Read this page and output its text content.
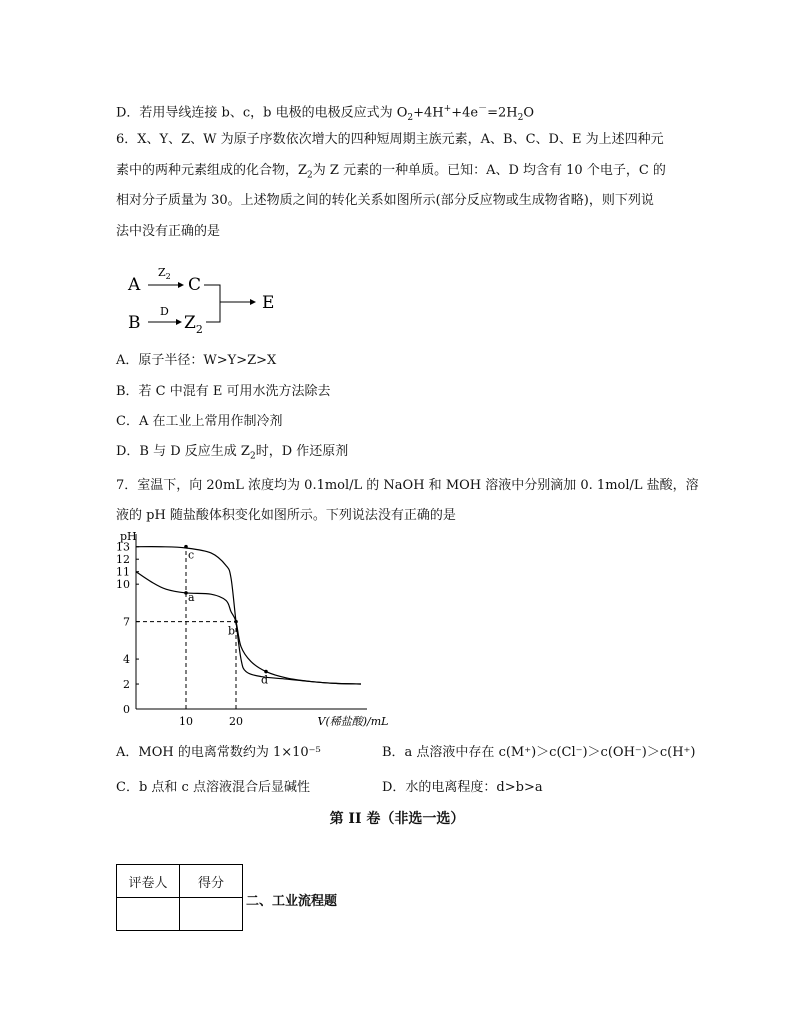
D．若用导线连接 b、c，b 电极的电极反应式为 $O_2+4H^++4e^-=2H_2O$
6．X、Y、Z、W 为原子序数依次增大的四种短周期主族元素，A、B、C、D、E 为上述四种元
素中的两种元素组成的化合物，$Z_2$为 Z 元素的一种单质。已知：A、D 均含有 10 个电子，C 的
相对分子质量为 30。上述物质之间的转化关系如图所示(部分反应物或生成物省略)，则下列说
法中没有正确的是
A
$Z_2$ C
B
D
$Z_2$
E
A．原子半径：W>Y>Z>X
B．若 C 中混有 E 可用水洗方法除去
C．A 在工业上常用作制冷剂
D．B 与 D 反应生成 $Z_2$时，D 作还原剂
7．室温下，向 20mL 浓度均为 0.1mol/L 的 NaOH 和 MOH 溶液中分别滴加 0. 1mol/L 盐酸，溶
液的 pH 随盐酸体积变化如图所示。下列说法没有正确的是
pH
0
2
4
7
10
11
12
13
10	20	V(稀盐酸)/mL
c
a
b
d
A．MOH 的电离常数约为 1×10⁻⁵	B．a 点溶液中存在 c(M⁺)＞c(Cl⁻)＞c(OH⁻)＞c(H⁺)
C．b 点和 c 点溶液混合后显碱性	D．水的电离程度：d>b>a
第 II 卷（非选一选）
评卷人	得分

二、工业流程题
